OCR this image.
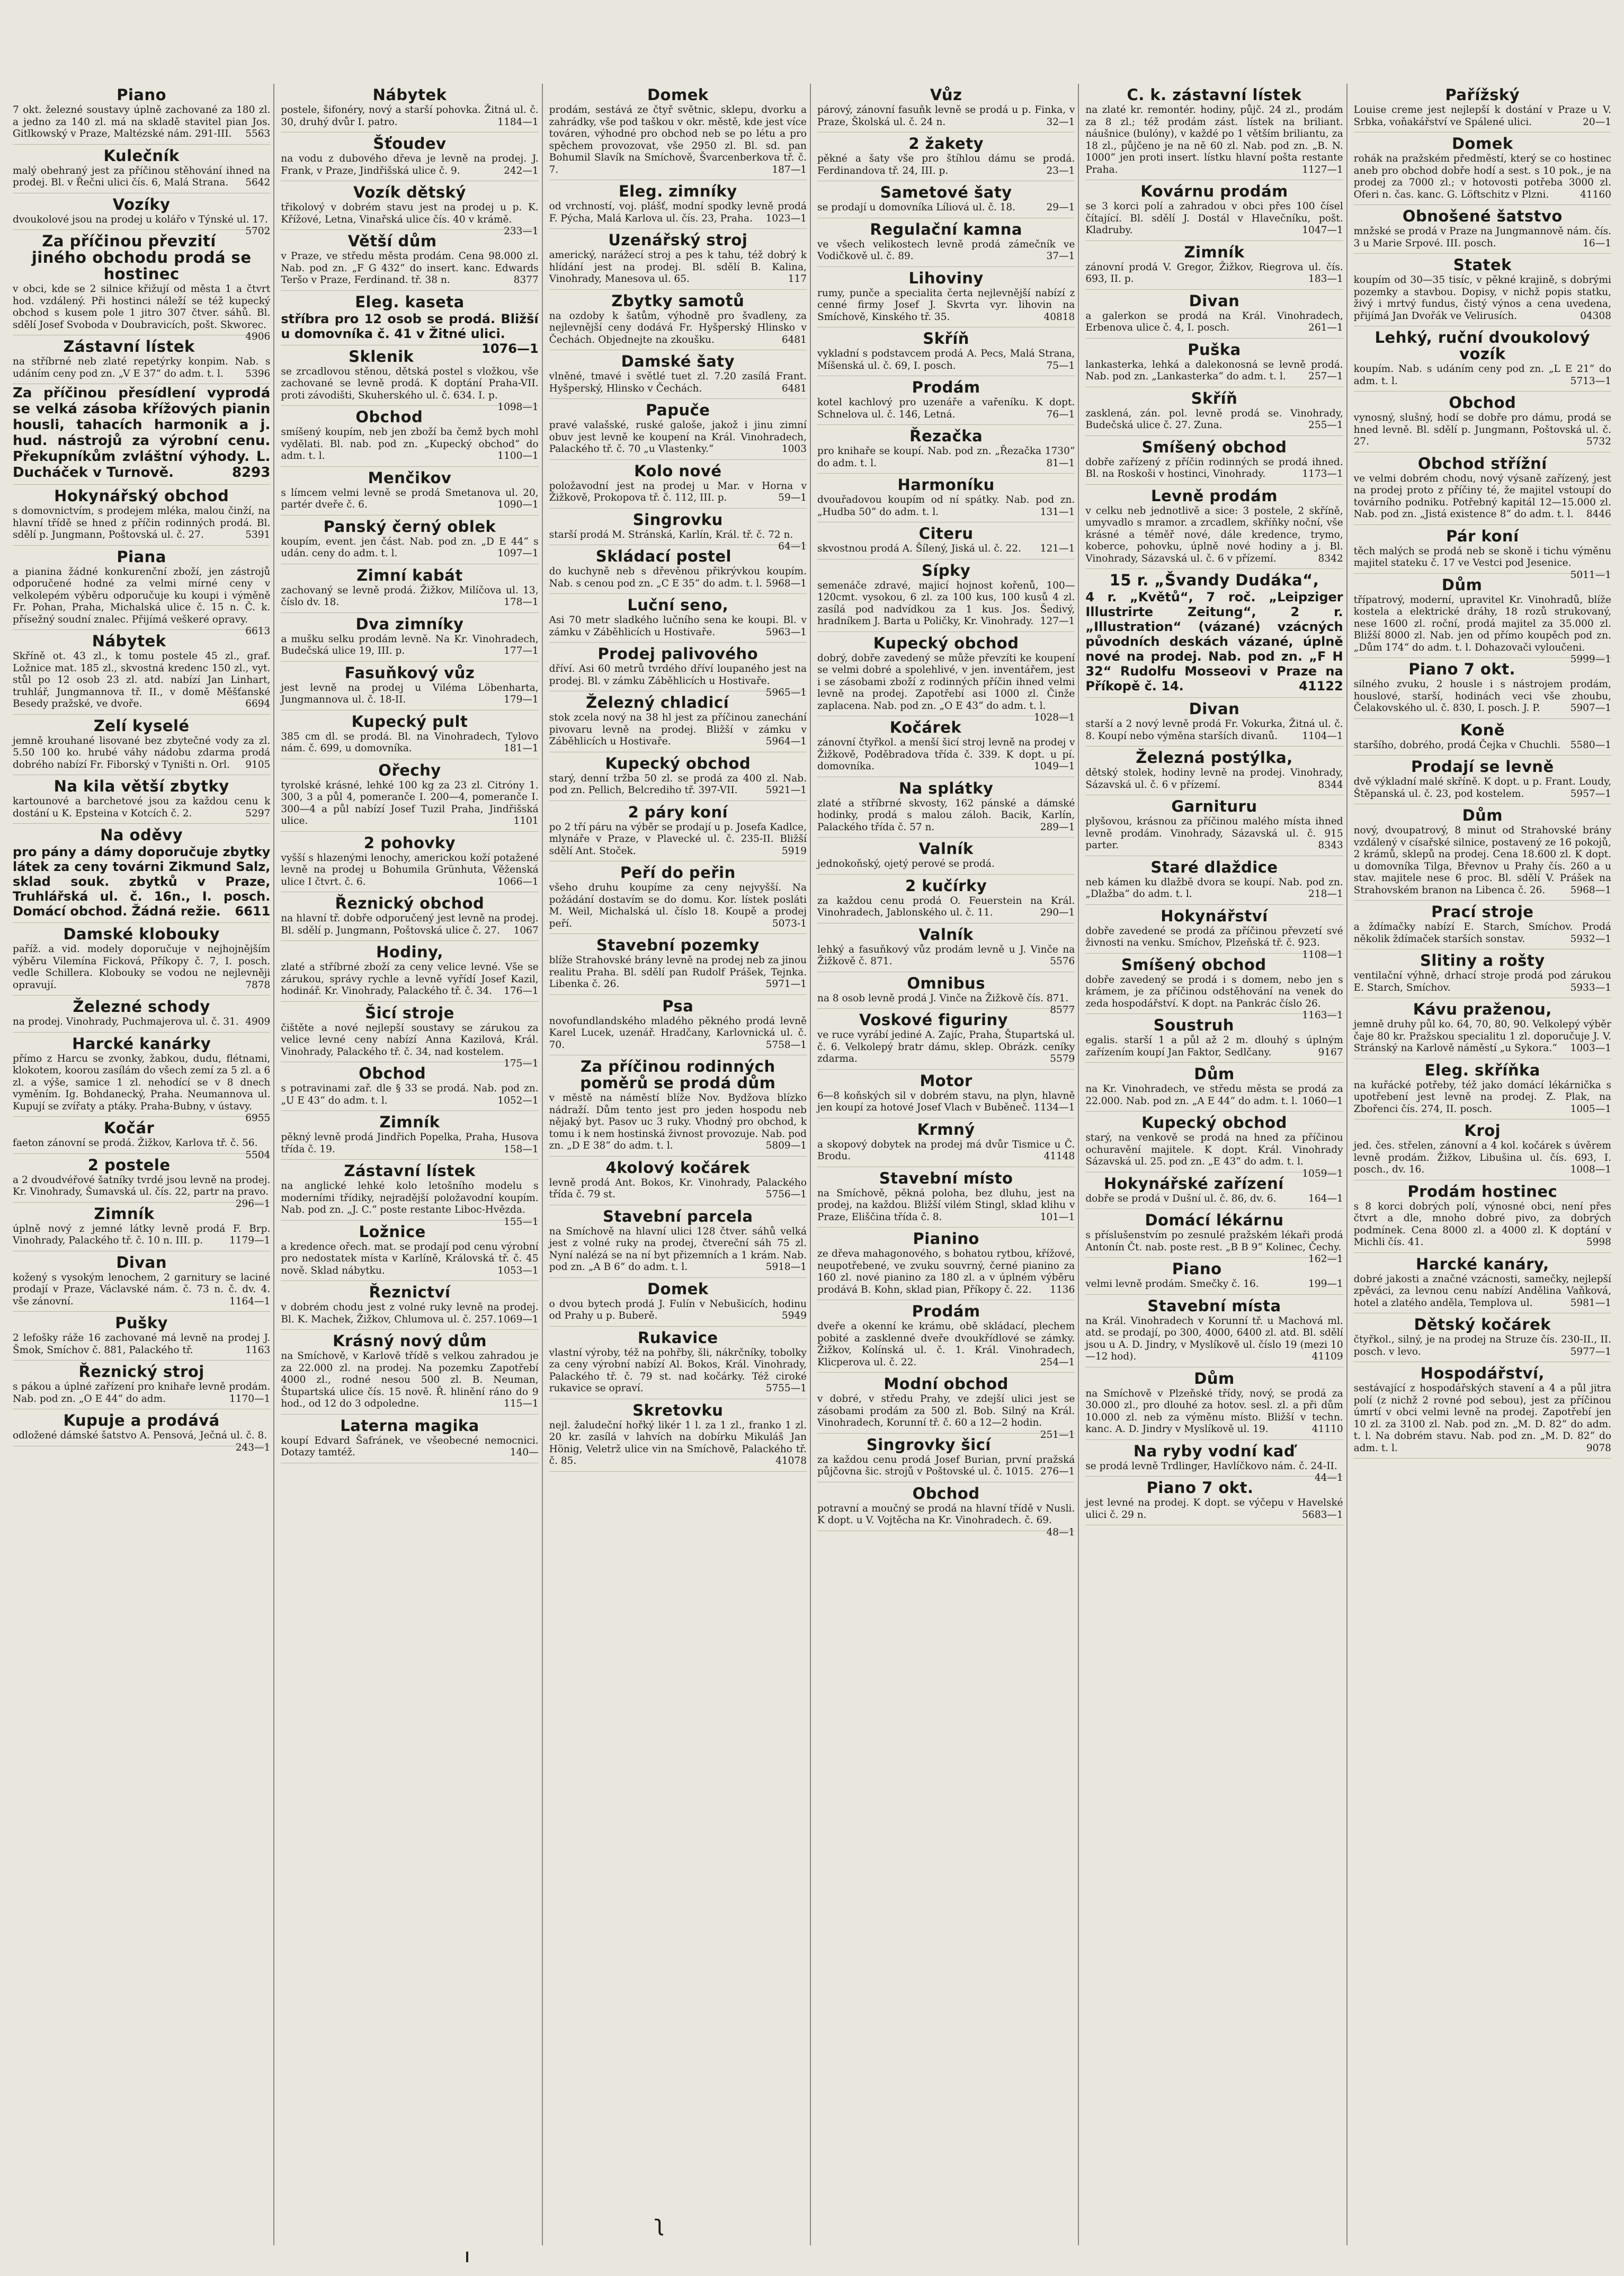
Piano

7 okt. železné soustavy úplně zachované za 180 zl. a jedno za 140 zl. má na skladě stavitel pian Jos. Gitlkowský v Praze, Maltézské nám. 291-III. 5563

Kulečník

malý obehraný jest za příčinou stěhování ihned na prodej. Bl. v Řečni ulici čís. 6, Malá Strana. 5642

Vozíky

dvoukolové jsou na prodej u kolářo v Týnské ul. 17.
5702

Za příčinou převzití jiného obchodu prodá se hostinec

v obci, kde se 2 silnice křižují od města 1 a čtvrt hod. vzdálený. Při hostinci náleží se též kupecký obchod s kusem pole 1 jitro 307 čtver. sáhů. Bl. sdělí Josef Svoboda v Doubravicích, pošt. Skworec.
4906

Zástavní lístek

na stříbrné neb zlaté repetýrky konpim. Nab. s udáním ceny pod zn. „V E 37“ do adm. t. l. 5396

Za příčinou přesídlení vyprodá se velká zásoba křížových pianin housli, tahacích harmonik a j. hud. nástrojů za výrobní cenu. Překupníkům zvláštní výhody. L. Ducháček v Turnově.	8293

Hokynářský obchod

s domovnictvím, s prodejem mléka, malou činží, na hlavní třídě se hned z příčin rodinných prodá. Bl. sdělí p. Jungmann, Poštovská ul. č. 27.	5391

Piana

a pianina žádné konkurenční zboží, jen zástrojů odporučené hodné za velmi mírné ceny v velkolepém výběru odporučuje ku koupi i výměně Fr. Pohan, Praha, Michalská ulice č. 15 n. Č. k. přísežný soudní znalec. Přijímá veškeré opravy.
6613

Nábytek

Skříně ot. 43 zl., k tomu postele 45 zl., graf. Ložnice mat. 185 zl., skvostná kredenc 150 zl., vyt. stůl po 12 osob 23 zl. atd. nabízí Jan Linhart, truhlář, Jungmannova tř. II., v domě Měšťanské Besedy pražské, ve dvoře.	6694

Zelí kyselé

jemně krouhané lisované bez zbytečné vody za zl. 5.50 100 ko. hrubé váhy nádobu zdarma prodá dobrého nabízí Fr. Fiborský v Tyništi n. Orl. 9105

Na kila větší zbytky

kartounové a barchetové jsou za každou cenu k dostání u K. Epsteina v Kotcích č. 2.	5297

Na oděvy

pro pány a dámy doporučuje zbytky látek za ceny továrni Zikmund Salz, sklad souk. zbytků v Praze, Truhlářská ul. č. 16n., I. posch. Domácí obchod. Žádná režie. 6611

Damské klobouky

paříž. a vid. modely doporučuje v nejhojnějším výběru Vilemína Ficková, Příkopy č. 7, I. posch. vedle Schillera. Klobouky se vodou ne nejlevněji opravují.	7878

Železné schody

na prodej. Vinohrady, Puchmajerova ul. č. 31. 4909

Harcké kanárky

přímo z Harcu se zvonky, žabkou, dudu, flétnami, klokotem, koorou zasílám do všech zemí za 5 zl. a 6 zl. a výše, samice 1 zl. nehodící se v 8 dnech vyměním. Ig. Bohdanecký, Praha. Neumannova ul. Kupují se zvířaty a ptáky. Praha-Bubny, v ústavy.
6955

Kočár

faeton zánovní se prodá. Žižkov, Karlova tř. č. 56.
5504

2 postele

a 2 dvoudvéřové šatníky tvrdé jsou levně na prodej. Kr. Vinohrady, Šumavská ul. čís. 22, partr na pravo.
296—1

Zimník

úplně nový z jemné látky levně prodá F. Brp. Vinohrady, Palackého tř. č. 10 n. III. p.	1179—1

Divan

kožený s vysokým lenochem, 2 garnitury se laciné prodají v Praze, Václavské nám. č. 73 n. č. dv. 4. vše zánovní.	1164—1

Pušky

2 lefošky ráže 16 zachované má levně na prodej J. Šmok, Smíchov č. 881, Palackého tř.	1163

Řeznický stroj

s pákou a úplné zařízení pro knihaře levně prodám. Nab. pod zn. „O E 44“ do adm.	1170—1

Kupuje a prodává

odložené dámské šatstvo A. Pensová, Ječná ul. č. 8.
243—1

Nábytek

postele, šifonéry, nový a starší pohovka. Žitná ul. č. 30, druhý dvůr I. patro.	1184—1

Šťoudev

na vodu z dubového dřeva je levně na prodej. J. Frank, v Praze, Jindřišská ulice č. 9.	242—1

Vozík dětský

třikolový v dobrém stavu jest na prodej u p. K. Křížové, Letna, Vinařská ulice čís. 40 v krámě.
233—1

Větší dům

v Praze, ve středu města prodám. Cena 98.000 zl. Nab. pod zn. „F G 432“ do insert. kanc. Edwards Teršo v Praze, Ferdinand. tř. 38 n.	8377

Eleg. kaseta

stříbra pro 12 osob se prodá. Bližší u domovníka č. 41 v Žitné ulici.
1076—1

Sklenik

se zrcadlovou stěnou, dětská postel s vložkou, vše zachované se levně prodá. K doptání Praha-VII. proti závodišti, Skuherského ul. č. 634. I. p.
1098—1

Obchod

smíšený koupím, neb jen zboží ba čemž bych mohl vydělati. Bl. nab. pod zn. „Kupecký obchod“ do adm. t. l.	1100—1

Menčikov

s límcem velmi levně se prodá Smetanova ul. 20, partér dveře č. 6.	1090—1

Panský černý oblek

koupím, event. jen část. Nab. pod zn. „D E 44“ s udán. ceny do adm. t. l.	1097—1

Zimní kabát

zachovaný se levně prodá. Žižkov, Milíčova ul. 13, číslo dv. 18.	178—1

Dva zimníky

a mušku selku prodám levně. Na Kr. Vinohradech, Budečská ulice 19, III. p.	177—1

Fasuňkový vůz

jest levně na prodej u Viléma Löbenharta, Jungmannova ul. č. 18-II.	179—1

Kupecký pult

385 cm dl. se prodá. Bl. na Vinohradech, Tylovo nám. č. 699, u domovníka.	181—1

Ořechy

tyrolské krásné, lehké 100 kg za 23 zl. Citróny 1. 300, 3 a půl 4, pomeranče I. 200—4, pomeranče I. 300—4 a půl nabízí Josef Tuzil Praha, Jindřišská ulice.	1101

2 pohovky

vyšší s hlazenými lenochy, americkou koží potažené levně na prodej u Bohumila Grünhuta, Věženská ulice I čtvrt. č. 6.	1066—1

Řeznický obchod

na hlavní tř. dobře odporučený jest levně na prodej. Bl. sdělí p. Jungmann, Poštovská ulice č. 27. 1067

Hodiny,

zlaté a stříbrné zboží za ceny velice levné. Vše se zárukou, správy rychle a levně vyřídí Josef Kazil, hodinář. Kr. Vinohrady, Palackého tř. č. 34. 176—1

Šicí stroje

čištěte a nové nejlepší soustavy se zárukou za velice levné ceny nabízí Anna Kazilová, Král. Vinohrady, Palackého tř. č. 34, nad kostelem.
175—1

Obchod

s potravinami zař. dle § 33 se prodá. Nab. pod zn. „U E 43“ do adm. t. l.	1052—1

Zimník

pěkný levně prodá Jindřich Popelka, Praha, Husova třída č. 19.	158—1

Zástavní lístek

na anglické lehké kolo letošního modelu s moderními třídiky, nejradější položavodní koupím. Nab. pod zn. „J. C.“ poste restante Liboc-Hvězda.
155—1

Ložnice

a kredence ořech. mat. se prodají pod cenu výrobní pro nedostatek místa v Karlíně, Královská tř. č. 45 nově. Sklad nábytku.	1053—1

Řeznictví

v dobrém chodu jest z volné ruky levně na prodej. Bl. K. Machek, Žižkov, Chlumova ul. č. 257. 1069—1

Krásný nový dům

na Smíchově, v Karlově třídě s velkou zahradou je za 22.000 zl. na prodej. Na pozemku Zapotřebí 4000 zl., rodné nesou 500 zl. B. Neuman, Štupartská ulice čís. 15 nově. Ř. hlinění ráno do 9 hod., od 12 do 3 odpoledne.	115—1

Laterna magika

koupí Edvard Šafránek, ve všeobecné nemocnici. Dotazy tamtéž.	140—

Domek

prodám, sestává ze čtyř světnic, sklepu, dvorku a zahrádky, vše pod taškou v okr. městě, kde jest více továren, výhodné pro obchod neb se po létu a pro spěchem provozovat, vše 2950 zl. Bl. sd. pan Bohumil Slavík na Smíchově, Švarcenberkova tř. č. 7.	187—1

Eleg. zimníky

od vrchností, voj. plášť, modní spodky levně prodá F. Pýcha, Malá Karlova ul. čís. 23, Praha. 1023—1

Uzenářský stroj

americký, narážecí stroj a pes k tahu, též dobrý k hlídání jest na prodej. Bl. sdělí B. Kalina, Vinohrady, Manesova ul. 65.	117

Zbytky samotů

na ozdoby k šatům, výhodně pro švadleny, za nejlevnější ceny dodává Fr. Hyšperský Hlinsko v Čechách. Objednejte na zkoušku.	6481

Damské šaty

vlněné, tmavé i světlé tuet zl. 7.20 zasílá Frant. Hyšperský, Hlinsko v Čechách.	6481

Papuče

pravé valašské, ruské galoše, jakož i jinu zimní obuv jest levně ke koupení na Král. Vinohradech, Palackého tř. č. 70 „u Vlastenky.“	1003

Kolo nové

položavodní jest na prodej u Mar. v Horna v Žižkově, Prokopova tř. č. 112, III. p.	59—1

Singrovku

starší prodá M. Stránská, Karlín, Král. tř. č. 72 n.
64—1

Skládací postel

do kuchyně neb s dřevěnou přikrývkou koupím. Nab. s cenou pod zn. „C E 35“ do adm. t. l. 5968—1

Luční seno,

Asi 70 metr sladkého lučního sena ke koupi. Bl. v zámku v Záběhlicích u Hostivaře.	5963—1

Prodej palivového

dříví. Asi 60 metrů tvrdého dříví loupaného jest na prodej. Bl. v zámku Záběhlicích u Hostivaře.
5965—1

Železný chladicí

stok zcela nový na 38 hl jest za příčinou zanechání pivovaru levně na prodej. Bližší v zámku v Záběhlicích u Hostivaře.	5964—1

Kupecký obchod

starý, denní tržba 50 zl. se prodá za 400 zl. Nab. pod zn. Pellich, Belcrediho tř. 397-VII.	5921—1

2 páry koní

po 2 tří páru na výběr se prodají u p. Josefa Kadlce, mlynáře v Praze, v Plavecké ul. č. 235-II. Bližší sdělí Ant. Stoček.	5919

Peří do peřin

všeho druhu koupíme za ceny nejvyšší. Na požádání dostavím se do domu. Kor. lístek posláti M. Weil, Michalská ul. číslo 18. Koupě a prodej peří.	5073-1

Stavební pozemky

blíže Strahovské brány levně na prodej neb za jinou realitu Praha. Bl. sdělí pan Rudolf Prášek, Tejnka. Libenka č. 26.	5971—1

Psa

novofundlandského mladého pěkného prodá levně Karel Lucek, uzenář. Hradčany, Karlovnická ul. č. 70.	5758—1

Za příčinou rodinných poměrů se prodá dům

v městě na náměstí blíže Nov. Bydžova blízko nádraží. Dům tento jest pro jeden hospodu neb nějaký byt. Pasov uc 3 ruky. Vhodný pro obchod, k tomu i k nem hostinská živnost provozuje. Nab. pod zn. „D E 38“ do adm. t. l.	5809—1

4kolový kočárek

levně prodá Ant. Bokos, Kr. Vinohrady, Palackého třída č. 79 st.	5756—1

Stavební parcela

na Smíchově na hlavní ulici 128 čtver. sáhů velká jest z volné ruky na prodej, čtvereční sáh 75 zl. Nyní nalézá se na ní byt přizemních a 1 krám. Nab. pod zn. „A B 6“ do adm. t. l.	5918—1

Domek

o dvou bytech prodá J. Fulín v Nebušicích, hodinu od Prahy u p. Buberě.	5949

Rukavice

vlastní výroby, též na pohřby, šli, nákrčníky, tobolky za ceny výrobní nabízí Al. Bokos, Král. Vinohrady, Palackého tř. č. 79 st. nad kočárky. Též ciroké rukavice se opraví.	5755—1

Skretovku

nejl. žaludeční hořký likér 1 l. za 1 zl., franko 1 zl. 20 kr. zasílá v lahvích na dobírku Mikuláš Jan Hönig, Veletrž ulice vin na Smíchově, Palackého tř. č. 85.	41078

Vůz

párový, zánovní fasuňk levně se prodá u p. Finka, v Praze, Školská ul. č. 24 n.	32—1

2 žakety

pěkné a šaty vše pro štíhlou dámu se prodá. Ferdinandova tř. 24, III. p.	23—1

Sametové šaty

se prodají u domovníka Líliová ul. č. 18.	29—1

Regulační kamna

ve všech velikostech levně prodá zámečník ve Vodičkově ul. č. 89.	37—1

Lihoviny

rumy, punče a specialita čerta nejlevnější nabízí z cenné firmy Josef J. Skvrta vyr. lihovin na Smíchově, Kinského tř. 35.	40818

Skříň

vykladní s podstavcem prodá A. Pecs, Malá Strana, Míšenská ul. č. 69, I. posch.	75—1

Prodám

kotel kachlový pro uzenáře a vařeníku. K dopt. Schnelova ul. č. 146, Letná.	76—1

Řezačka

pro knihaře se koupí. Nab. pod zn. „Řezačka 1730“ do adm. t. l.	81—1

Harmoníku

dvouřadovou koupím od ní spátky. Nab. pod zn. „Hudba 50“ do adm. t. l.	131—1

Citeru

skvostnou prodá A. Šílený, Jiská ul. č. 22. 121—1

Sípky

semenáče zdravé, majicí hojnost kořenů, 100—120cmt. vysokou, 6 zl. za 100 kus, 100 kusů 4 zl. zasílá pod nadvídkou za 1 kus. Jos. Šedivý, hradníkem J. Barta u Poličky, Kr. Vinohrady. 127—1

Kupecký obchod

dobrý, dobře zavedený se může převzíti ke koupení se velmi dobré a spolehlivé, v jen. inventářem, jest i se zásobami zboží z rodinných příčin ihned velmi levně na prodej. Zapotřebí asi 1000 zl. Činže zaplacena. Nab. pod zn. „O E 43“ do adm. t. l.
1028—1

Kočárek

zánovní čtyřkol. a menší šicí stroj levně na prodej v Žižkově, Poděbradova třída č. 339. K dopt. u pí. domovníka.	1049—1

Na splátky

zlaté a stříbrné skvosty, 162 pánské a dámské hodinky, prodá s malou záloh. Bacik, Karlín, Palackého třída č. 57 n.	289—1

Valník

jednokoňský, ojetý perové se prodá.

2 kučírky

za každou cenu prodá O. Feuerstein na Král. Vinohradech, Jablonského ul. č. 11.	290—1

Valník

lehký a fasuňkový vůz prodám levně u J. Vinče na Žižkově č. 871.	5576

Omnibus

na 8 osob levně prodá J. Vinče na Žižkově čís. 871.
8577

Voskové figuriny

ve ruce vyrábí jediné A. Zajíc, Praha, Štupartská ul. č. 6. Velkolepý bratr dámu, sklep. Obrázk. ceníky zdarma.	5579

Motor

6—8 koňských sil v dobrém stavu, na plyn, hlavně jen koupí za hotové Josef Vlach v Buběneč. 1134—1

Krmný

a skopový dobytek na prodej má dvůr Tismice u Č. Brodu.	41148

Stavební místo

na Smíchově, pěkná poloha, bez dluhu, jest na prodej, na každou. Bližší vilém Stingl, sklad klihu v Praze, Eliščina třída č. 8.	101—1

Pianino

ze dřeva mahagonového, s bohatou rytbou, křížové, neupotřebené, ve zvuku souvrný, černé pianino za 160 zl. nové pianino za 180 zl. a v úplném výběru prodává B. Kohn, sklad pian, Příkopy č. 22. 1136

Prodám

dveře a okenní ke krámu, obě skládací, plechem pobité a zasklenné dveře dvoukřídlové se zámky. Žižkov, Kolínská ul. č. 1. Král. Vinohradech, Klicperova ul. č. 22.	254—1

Modní obchod

v dobré, v středu Prahy, ve zdejší ulici jest se zásobami prodám za 500 zl. Bob. Silný na Král. Vinohradech, Korunní tř. č. 60 a 12—2 hodin.
251—1

Singrovky šicí

za každou cenu prodá Josef Burian, první pražská půjčovna šic. strojů v Poštovské ul. č. 1015. 276—1

Obchod

potravní a moučný se prodá na hlavní třídě v Nusli. K dopt. u V. Vojtěcha na Kr. Vinohradech. č. 69.
48—1

C. k. zástavní lístek

na zlaté kr. remontér. hodiny, půjč. 24 zl., prodám za 8 zl.; též prodám zást. lístek na briliant. náušnice (bulóny), v každé po 1 větším briliantu, za 18 zl., půjčeno je na ně 60 zl. Nab. pod zn. „B. N. 1000“ jen proti insert. lístku hlavní pošta restante Praha.	1127—1

Kovárnu prodám

se 3 korci polí a zahradou v obci přes 100 čísel čítající. Bl. sdělí J. Dostál v Hlavečníku, pošt. Kladruby.	1047—1

Zimník

zánovní prodá V. Gregor, Žižkov, Riegrova ul. čís. 693, II. p.	183—1

Divan

a galerkon se prodá na Král. Vinohradech, Erbenova ulice č. 4, I. posch.	261—1

Puška

lankasterka, lehká a dalekonosná se levně prodá. Nab. pod zn. „Lankasterka“ do adm. t. l. 257—1

Skříň

zasklená, zán. pol. levně prodá se. Vinohrady, Budečská ulice č. 27. Zuna.	255—1

Smíšený obchod

dobře zařízený z příčin rodinných se prodá ihned. Bl. na Roskoši v hostinci, Vinohrady.	1173—1

Levně prodám

v celku neb jednotlivě a sice: 3 postele, 2 skříně, umyvadlo s mramor. a zrcadlem, skříňky noční, vše krásné a téměř nové, dále kredence, trymo, koberce, pohovku, úplně nové hodiny a j. Bl. Vinohrady, Sázavská ul. č. 6 v přízemí.	8342

15 r. „Švandy Dudáka“,

4 r. „Květů“, 7 roč. „Leipziger Illustrirte Zeitung“, 2 r. „Illustration“ (vázané) vzácných původních deskách vázané, úplně nové na prodej. Nab. pod zn. „F H 32“ Rudolfu Mosseovi v Praze na Příkopě č. 14.	41122

Divan

starší a 2 nový levně prodá Fr. Vokurka, Žitná ul. č. 8. Koupí nebo výměna starších divanů. 1104—1

Železná postýlka,

dětský stolek, hodiny levně na prodej. Vinohrady, Sázavská ul. č. 6 v přízemí.	8344

Garnituru

plyšovou, krásnou za příčinou malého místa ihned levně prodám. Vinohrady, Sázavská ul. č. 915 parter.	8343

Staré dlaždice

neb kámen ku dlažbě dvora se koupí. Nab. pod zn. „Dlažba“ do adm. t. l.	218—1

Hokynářství

dobře zavedené se prodá za příčinou převzetí své živnosti na venku. Smíchov, Plzeňská tř. č. 923.
1108—1

Smíšený obchod

dobře zavedený se prodá i s domem, nebo jen s krámem, je za příčinou odstěhování na venek do zeda hospodářství. K dopt. na Pankrác číslo 26.
1163—1

Soustruh

egalis. starší 1 a půl až 2 m. dlouhý s úplným zařízením koupí Jan Faktor, Sedlčany.	9167

Dům

na Kr. Vinohradech, ve středu města se prodá za 22.000. Nab. pod zn. „A E 44“ do adm. t. l. 1060—1

Kupecký obchod

starý, na venkově se prodá na hned za příčinou ochuravění majitele. K dopt. Král. Vinohrady Sázavská ul. 25. pod zn. „E 43“ do adm. t. l.
1059—1

Hokynářské zařízení

dobře se prodá v Dušní ul. č. 86, dv. 6.	164—1

Domácí lékárnu

s příslušenstvím po zesnulé pražském lékaři prodá Antonín Čt. nab. poste rest. „B B 9“ Kolinec, Čechy.
162—1

Piano

velmi levně prodám. Smečky č. 16.	199—1

Stavební místa

na Král. Vinohradech v Korunní tř. u Machová ml. atd. se prodají, po 300, 4000, 6400 zl. atd. Bl. sdělí jsou u A. D. Jindry, v Myslíkově ul. číslo 19 (mezi 10—12 hod).	41109

Dům

na Smíchově v Plzeňské třídy, nový, se prodá za 30.000 zl., pro dlouhé za hotov. sesl. zl. a při dům 10.000 zl. neb za výměnu místo. Bližší v techn. kanc. A. D. Jindry v Myslíkově ul. 19.	41110

Na ryby vodní kaď

se prodá levně Trdlinger, Havlíčkovo nám. č. 24-II.
44—1

Piano 7 okt.

jest levné na prodej. K dopt. se výčepu v Havelské ulici č. 29 n.	5683—1

Pařížský

Louise creme jest nejlepší k dostání v Praze u V. Srbka, voňakářství ve Spálené ulici.	20—1

Domek

rohák na pražském předměstí, který se co hostinec aneb pro obchod dobře hodí a sest. s 10 pok., je na prodej za 7000 zl.; v hotovosti potřeba 3000 zl. Oferi n. čas. kanc. G. Löftschitz v Plzni.	41160

Obnošené šatstvo

mnžské se prodá v Praze na Jungmannově nám. čís. 3 u Marie Srpové. III. posch.	16—1

Statek

koupím od 30—35 tisíc, v pěkné krajině, s dobrými pozemky a stavbou. Dopisy, v nichž popis statku, živý i mrtvý fundus, čistý výnos a cena uvedena, přijímá Jan Dvořák ve Velirusích.	04308

Lehký, ruční dvoukolový vozík

koupím. Nab. s udáním ceny pod zn. „L E 21“ do adm. t. l.	5713—1

Obchod

vynosný, slušný, hodí se dobře pro dámu, prodá se hned levně. Bl. sdělí p. Jungmann, Poštovská ul. č. 27.	5732

Obchod střížní

ve velmi dobrém chodu, nový výsaně zařízený, jest na prodej proto z příčiny té, že majitel vstoupí do továrního podniku. Potřebný kapitál 12—15.000 zl. Nab. pod zn. „Jistá existence 8“ do adm. t. l. 8446

Pár koní

těch malých se prodá neb se skoně i tichu výměnu majitel stateku č. 17 ve Vestci pod Jesenice.
5011—1

Dům

třípatrový, moderní, upravitel Kr. Vinohradů, blíže kostela a elektrické dráhy, 18 rozů strukovaný, nese 1600 zl. roční, prodá majitel za 35.000 zl. Bližší 8000 zl. Nab. jen od přímo koupěch pod zn. „Dům 174“ do adm. t. l. Dohazovači vyloučeni.
5999—1

Piano 7 okt.

silného zvuku, 2 housle i s nástrojem prodám, houslové, starší, hodinách veci vše zhoubu, Čelakovského ul. č. 830, I. posch. J. P.	5907—1

Koně

staršího, dobrého, prodá Čejka v Chuchli. 5580—1

Prodají se levně

dvě výkladní malé skříně. K dopt. u p. Frant. Loudy, Štěpanská ul. č. 23, pod kostelem.	5957—1

Dům

nový, dvoupatrový, 8 minut od Strahovské brány vzdálený v císařské silnice, postavený ze 16 pokojů, 2 krámů, sklepů na prodej. Cena 18.600 zl. K dopt. u domovníka Tilga, Břevnov u Prahy čís. 260 a u stav. majitele nese 6 proc. Bl. sdělí V. Prášek na Strahovském branon na Libenca č. 26.	5968—1

Prací stroje

a ždímačky nabízí E. Starch, Smíchov. Prodá několik ždímaček starších sonstav.	5932—1

Slitiny a rošty

ventilační výhně, drhací stroje prodá pod zárukou E. Starch, Smíchov.	5933—1

Kávu praženou,

jemně druhy půl ko. 64, 70, 80, 90. Velkolepý výběr čaje 80 kr. Pražskou specialitu 1 zl. doporučuje J. V. Stránský na Karlově náměstí „u Sykora.“ 1003—1

Eleg. skříňka

na kuřácké potřeby, též jako domácí lékárnička s upotřebení jest levně na prodej. Z. Plak, na Zbořenci čís. 274, II. posch.	1005—1

Kroj

jed. čes. střelen, zánovní a 4 kol. kočárek s úvěrem levně prodám. Žižkov, Libušina ul. čís. 693, I. posch., dv. 16.	1008—1

Prodám hostinec

s 8 korci dobrých polí, výnosné obci, není přes čtvrt a dle, mnoho dobré pivo, za dobrých podmínek. Cena 8000 zl. a 4000 zl. K doptání v Michli čís. 41.	5998

Harcké kanáry,

dobré jakosti a značné vzácnosti, samečky, nejlepší zpěváci, za levnou cenu nabízí Andělina Vaňková, hotel a zlatého anděla, Templova ul.	5981—1

Dětský kočárek

čtyřkol., silný, je na prodej na Struze čís. 230-II., II. posch. v levo.	5977—1

Hospodářství,

sestávající z hospodářských stavení a 4 a půl jitra polí (z nichž 2 rovné pod sebou), jest za příčinou úmrtí v obci velmi levně na prodej. Zapotřebí jen 10 zl. za 3100 zl. Nab. pod zn. „M. D. 82“ do adm. t. l. Na dobrém stavu. Nab. pod zn. „M. D. 82“ do adm. t. l.	9078

ʅ
